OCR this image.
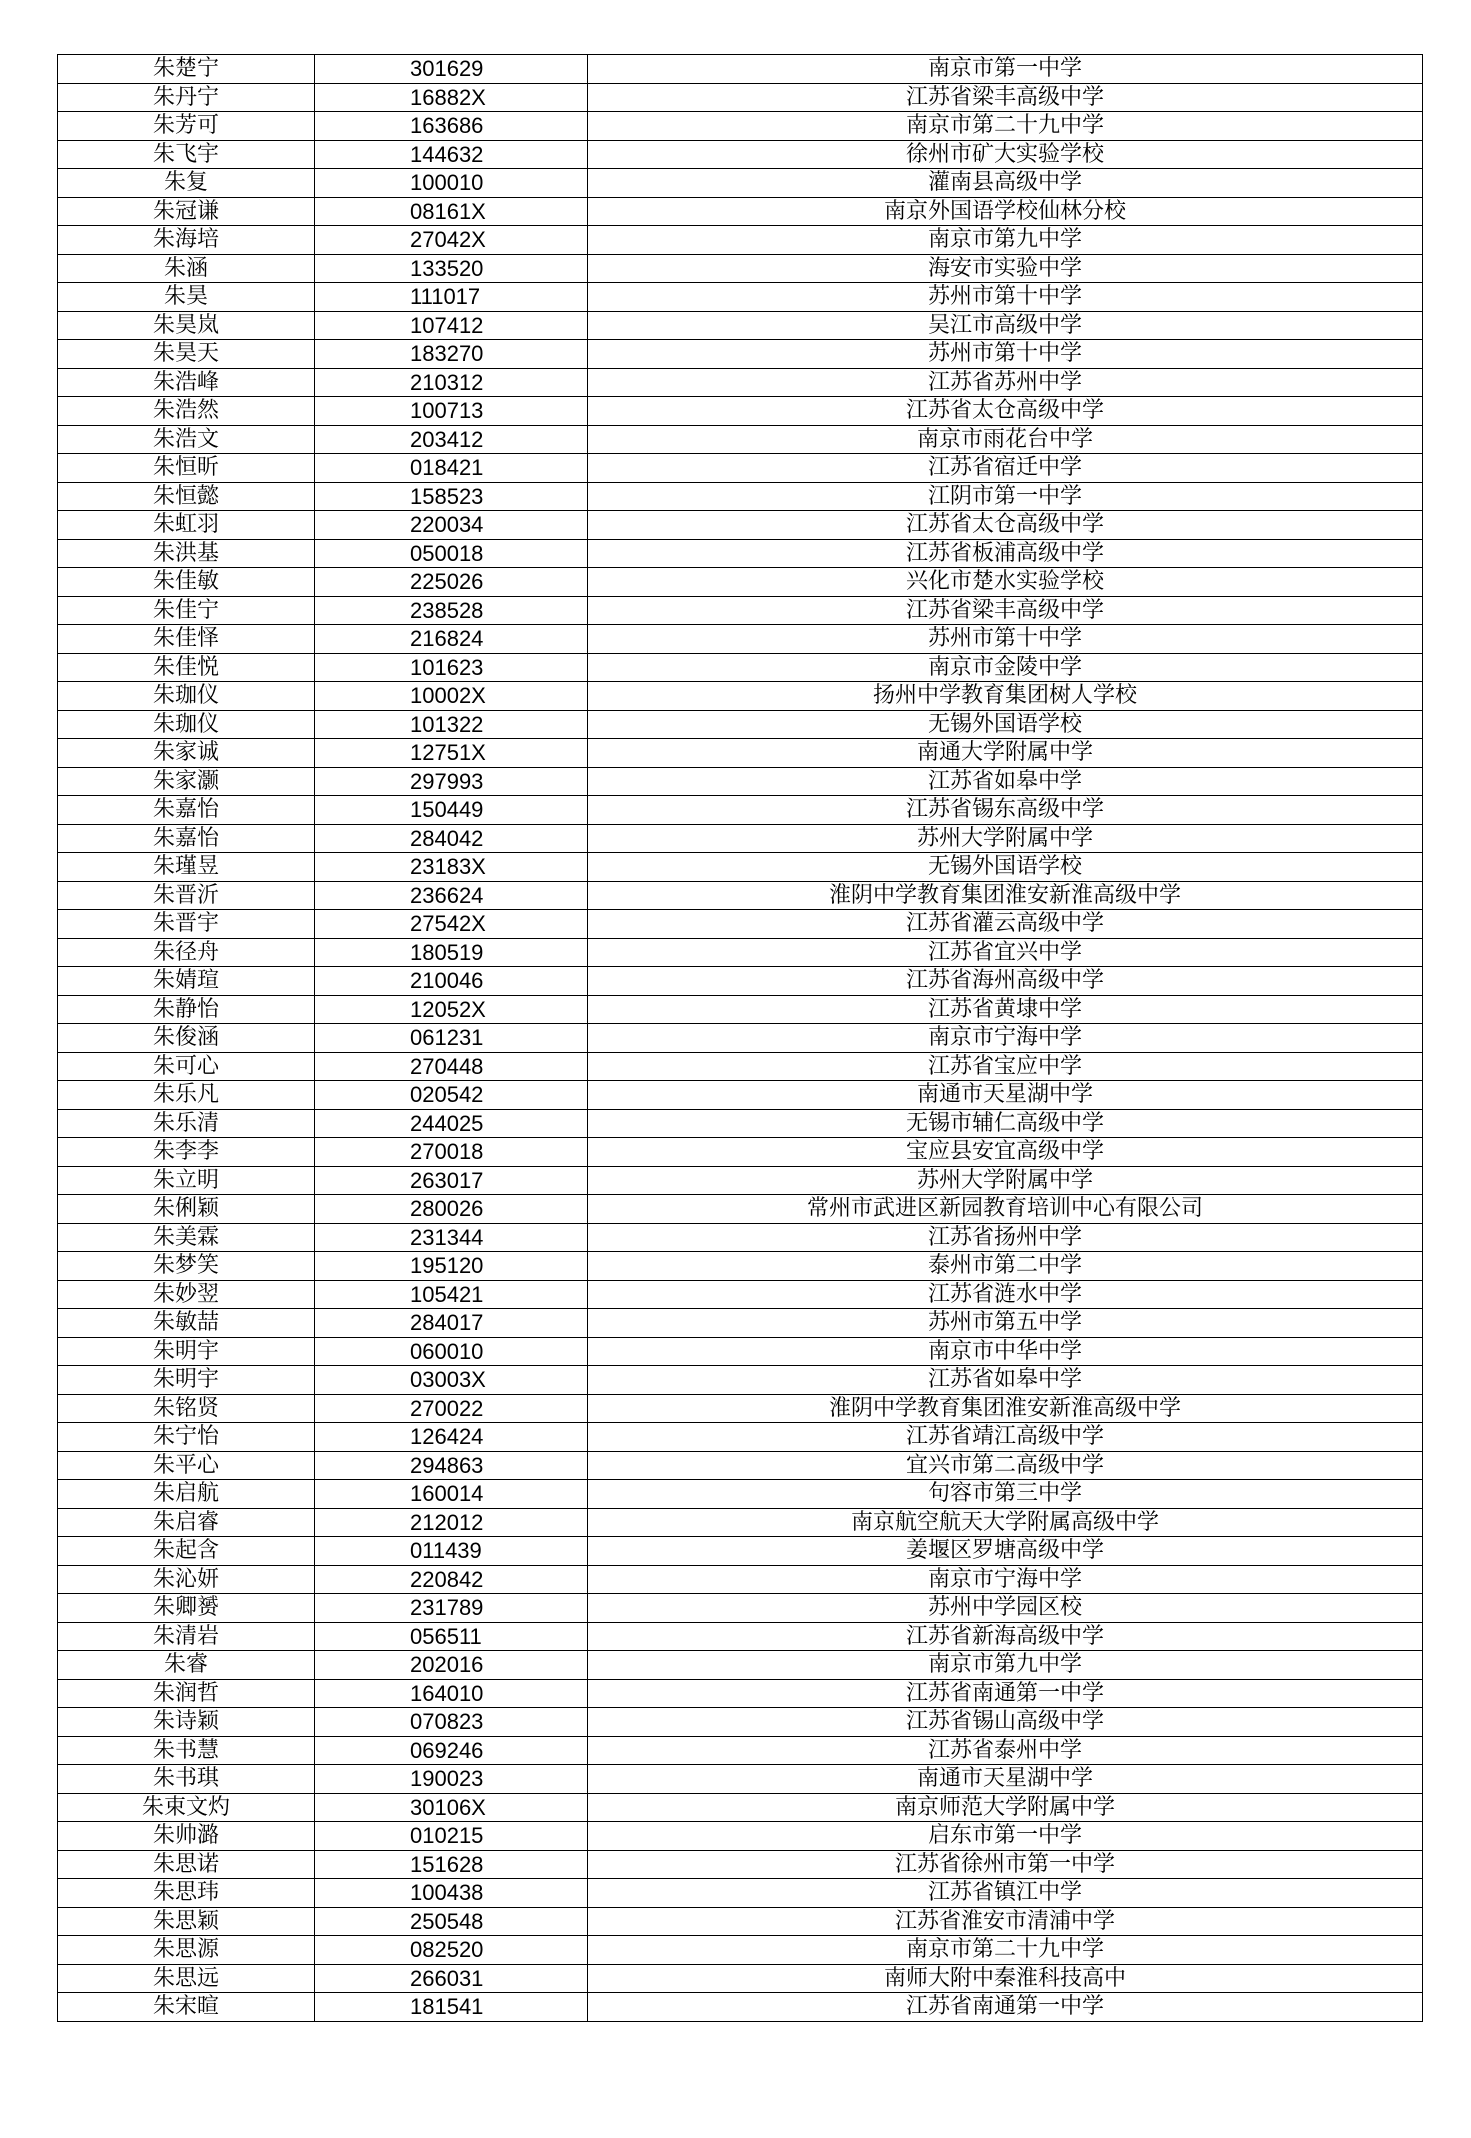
朱楚宁	301629	南京市第一中学
朱丹宁	16882X	江苏省梁丰高级中学
朱芳可	163686	南京市第二十九中学
朱飞宇	144632	徐州市矿大实验学校
朱复	100010	灌南县高级中学
朱冠谦	08161X	南京外国语学校仙林分校
朱海培	27042X	南京市第九中学
朱涵	133520	海安市实验中学
朱昊	111017	苏州市第十中学
朱昊岚	107412	吴江市高级中学
朱昊天	183270	苏州市第十中学
朱浩峰	210312	江苏省苏州中学
朱浩然	100713	江苏省太仓高级中学
朱浩文	203412	南京市雨花台中学
朱恒昕	018421	江苏省宿迁中学
朱恒懿	158523	江阴市第一中学
朱虹羽	220034	江苏省太仓高级中学
朱洪基	050018	江苏省板浦高级中学
朱佳敏	225026	兴化市楚水实验学校
朱佳宁	238528	江苏省梁丰高级中学
朱佳怿	216824	苏州市第十中学
朱佳悦	101623	南京市金陵中学
朱珈仪	10002X	扬州中学教育集团树人学校
朱珈仪	101322	无锡外国语学校
朱家诚	12751X	南通大学附属中学
朱家灏	297993	江苏省如皋中学
朱嘉怡	150449	江苏省锡东高级中学
朱嘉怡	284042	苏州大学附属中学
朱瑾昱	23183X	无锡外国语学校
朱晋沂	236624	淮阴中学教育集团淮安新淮高级中学
朱晋宇	27542X	江苏省灌云高级中学
朱径舟	180519	江苏省宜兴中学
朱婧瑄	210046	江苏省海州高级中学
朱静怡	12052X	江苏省黄埭中学
朱俊涵	061231	南京市宁海中学
朱可心	270448	江苏省宝应中学
朱乐凡	020542	南通市天星湖中学
朱乐清	244025	无锡市辅仁高级中学
朱李李	270018	宝应县安宜高级中学
朱立明	263017	苏州大学附属中学
朱俐颖	280026	常州市武进区新园教育培训中心有限公司
朱美霖	231344	江苏省扬州中学
朱梦笑	195120	泰州市第二中学
朱妙翌	105421	江苏省涟水中学
朱敏喆	284017	苏州市第五中学
朱明宇	060010	南京市中华中学
朱明宇	03003X	江苏省如皋中学
朱铭贤	270022	淮阴中学教育集团淮安新淮高级中学
朱宁怡	126424	江苏省靖江高级中学
朱平心	294863	宜兴市第二高级中学
朱启航	160014	句容市第三中学
朱启睿	212012	南京航空航天大学附属高级中学
朱起含	011439	姜堰区罗塘高级中学
朱沁妍	220842	南京市宁海中学
朱卿赟	231789	苏州中学园区校
朱清岩	056511	江苏省新海高级中学
朱睿	202016	南京市第九中学
朱润哲	164010	江苏省南通第一中学
朱诗颖	070823	江苏省锡山高级中学
朱书慧	069246	江苏省泰州中学
朱书琪	190023	南通市天星湖中学
朱束文灼	30106X	南京师范大学附属中学
朱帅潞	010215	启东市第一中学
朱思诺	151628	江苏省徐州市第一中学
朱思玮	100438	江苏省镇江中学
朱思颖	250548	江苏省淮安市清浦中学
朱思源	082520	南京市第二十九中学
朱思远	266031	南师大附中秦淮科技高中
朱宋暄	181541	江苏省南通第一中学
